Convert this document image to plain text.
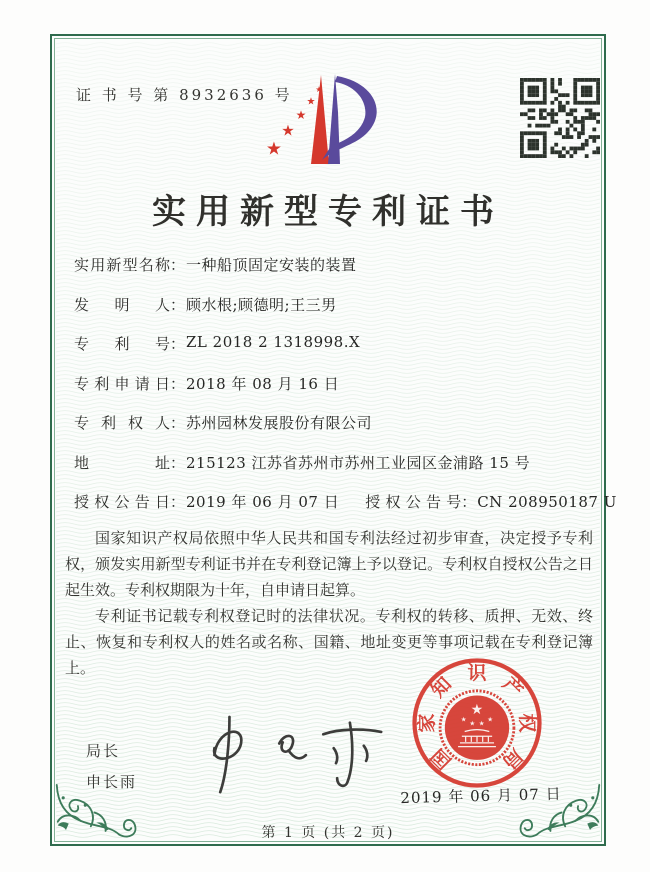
证 书 号 第 8932636 号	★
★
★
★
★
实用新型专利证书
实用新型名称：一种船顶固定安装的装置
发明人：顾水根;顾德明;王三男
专利号：ZL 2018 2 1318998.X
专利申请日：2018 年 08 月 16 日
专利权人：苏州园林发展股份有限公司
地址：215123 江苏省苏州市苏州工业园区金浦路 15 号
授权公告日：2019 年 06 月 07 日 授权公告号：CN 208950187 U

国家知识产权局依照中华人民共和国专利法经过初步审查，决定授予专利权，颁发实用新型专利证书并在专利登记簿上予以登记。专利权自授权公告之日起生效。专利权期限为十年，自申请日起算。

专利证书记载专利权登记时的法律状况。专利权的转移、质押、无效、终止、恢复和专利权人的姓名或名称、国籍、地址变更等事项记载在专利登记簿上。

局长
申长雨
国
家
知
识
产
权
局
★
★ ★ ★ ★
2019 年 06 月 07 日
第 1 页 (共 2 页)
